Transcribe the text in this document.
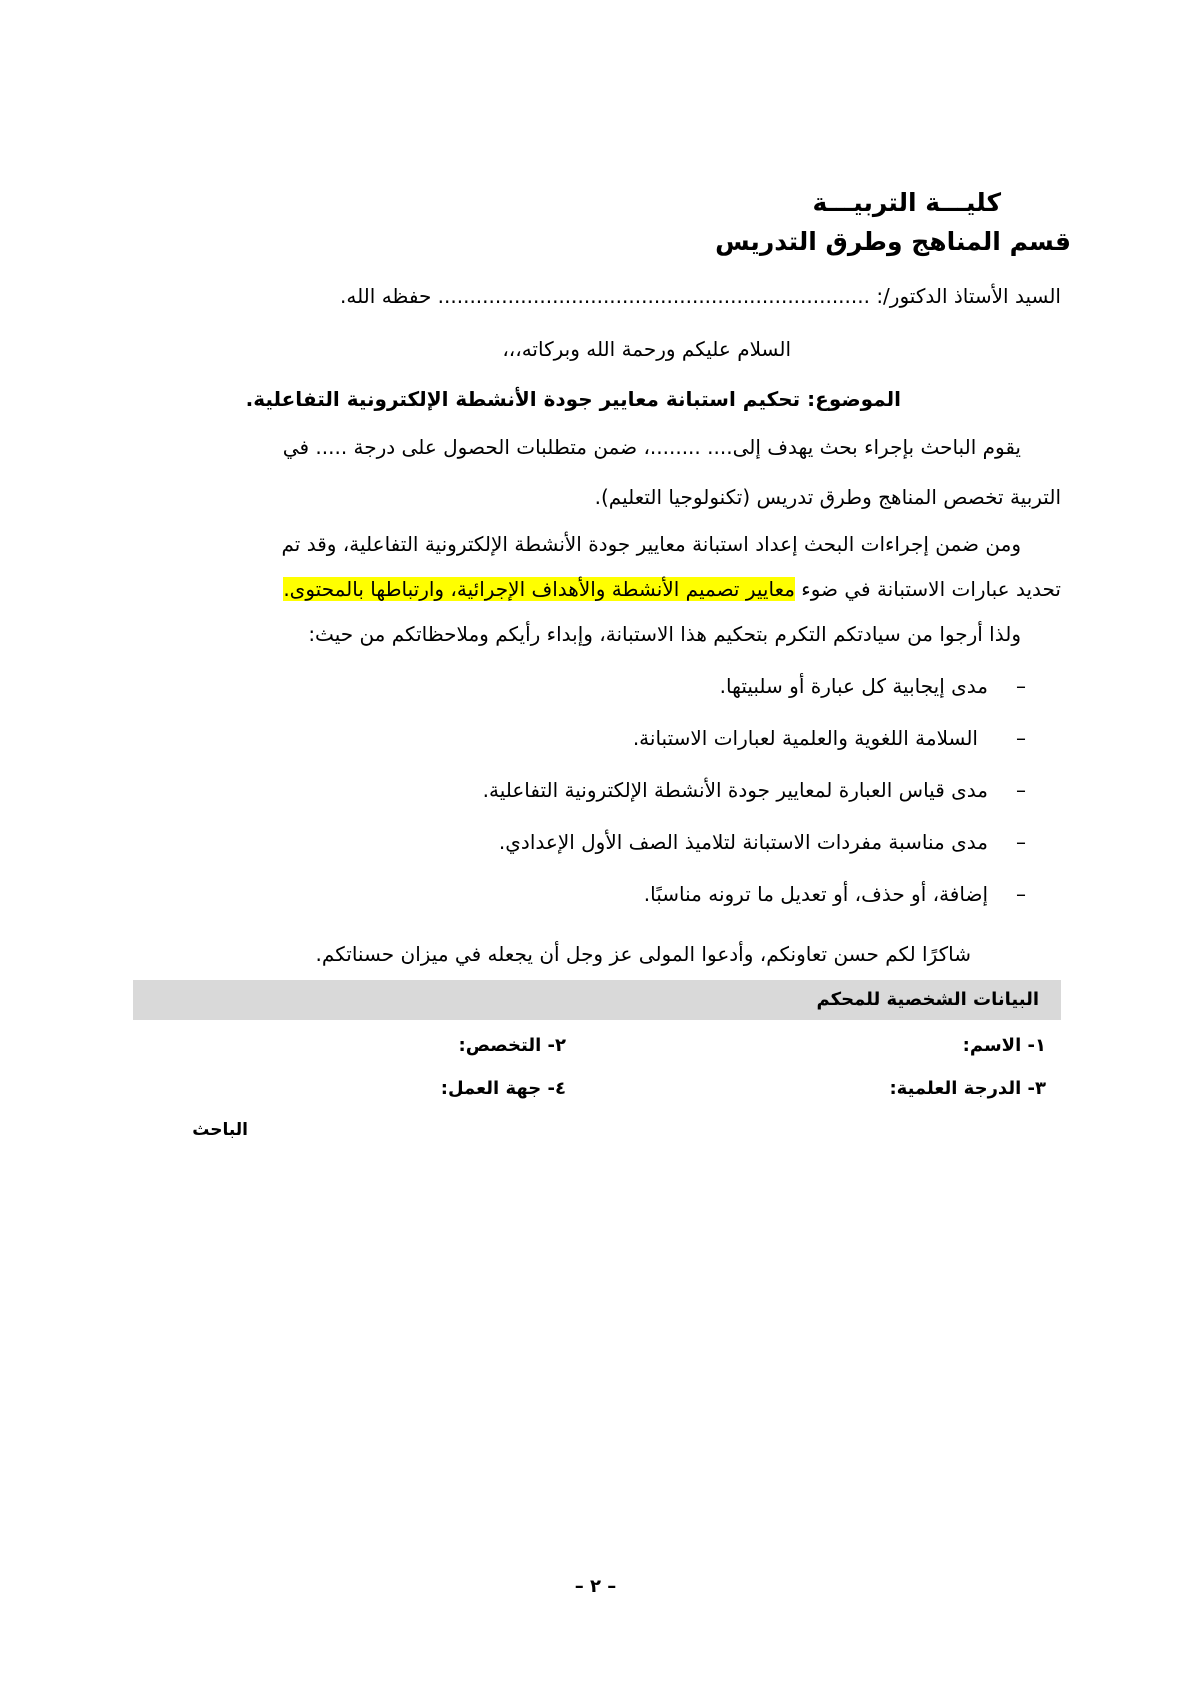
كليـــة التربيـــة
قسم المناهج وطرق التدريس
السيد الأستاذ الدكتور/: .................................................................... حفظه الله.
السلام عليكم ورحمة الله وبركاته،،،
الموضوع: تحكيم استبانة معايير جودة الأنشطة الإلكترونية التفاعلية.
يقوم الباحث بإجراء بحث يهدف إلى.... ........، ضمن متطلبات الحصول على درجة ..... في
التربية تخصص المناهج وطرق تدريس (تكنولوجيا التعليم).
ومن ضمن إجراءات البحث إعداد استبانة معايير جودة الأنشطة الإلكترونية التفاعلية، وقد تم
تحديد عبارات الاستبانة في ضوء معايير تصميم الأنشطة والأهداف الإجرائية، وارتباطها بالمحتوى.
ولذا أرجوا من سيادتكم التكرم بتحكيم هذا الاستبانة، وإبداء رأيكم وملاحظاتكم من حيث:
–
مدى إيجابية كل عبارة أو سلبيتها.
–
السلامة اللغوية والعلمية لعبارات الاستبانة.
–
مدى قياس العبارة لمعايير جودة الأنشطة الإلكترونية التفاعلية.
–
مدى مناسبة مفردات الاستبانة لتلاميذ الصف الأول الإعدادي.
–
إضافة، أو حذف، أو تعديل ما ترونه مناسبًا.
شاكرًا لكم حسن تعاونكم، وأدعوا المولى عز وجل أن يجعله في ميزان حسناتكم.
البيانات الشخصية للمحكم
١- الاسم:
٢- التخصص:
٣- الدرجة العلمية:
٤- جهة العمل:
الباحث
– ٢ –
